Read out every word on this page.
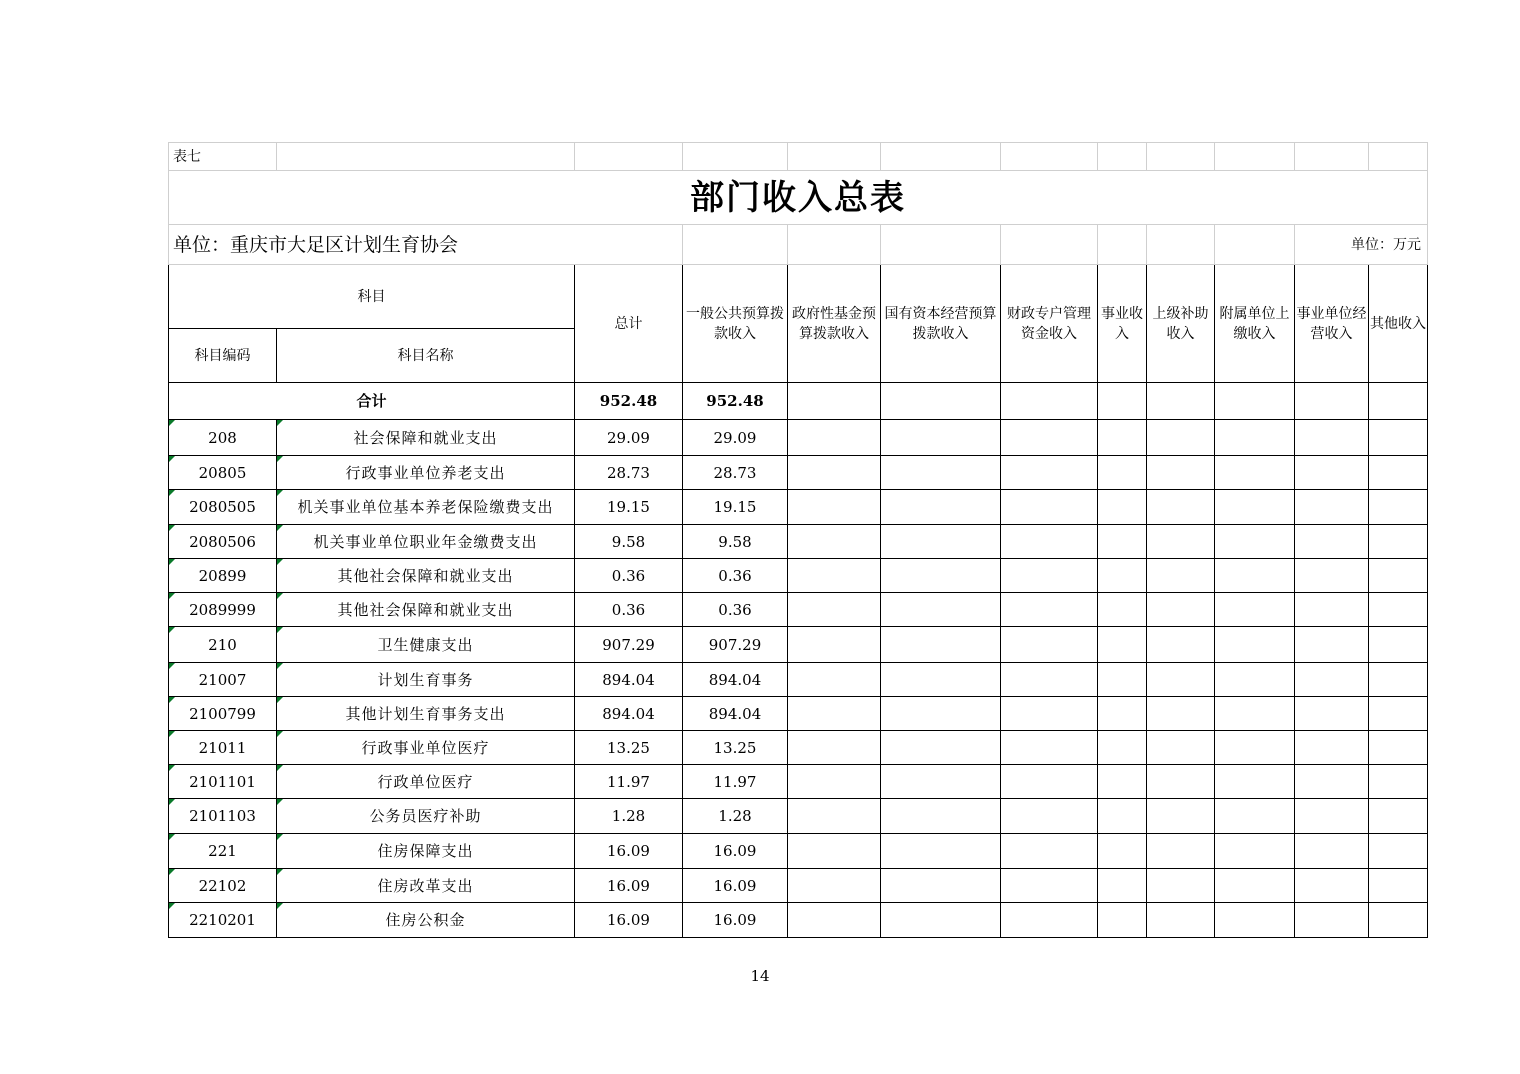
表七											
部门收入总表											
单位：重庆市大足区计划生育协会										单位：万元	
科目		总计	一般公共预算拨款收入	政府性基金预算拨款收入	国有资本经营预算拨款收入	财政专户管理资金收入	事业收入	上级补助收入	附属单位上缴收入	事业单位经营收入	其他收入
科目编码	科目名称										
合计		952.48	952.48								
208	社会保障和就业支出	29.09	29.09								
20805	行政事业单位养老支出	28.73	28.73								
2080505	机关事业单位基本养老保险缴费支出	19.15	19.15								
2080506	机关事业单位职业年金缴费支出	9.58	9.58								
20899	其他社会保障和就业支出	0.36	0.36								
2089999	其他社会保障和就业支出	0.36	0.36								
210	卫生健康支出	907.29	907.29								
21007	计划生育事务	894.04	894.04								
2100799	其他计划生育事务支出	894.04	894.04								
21011	行政事业单位医疗	13.25	13.25								
2101101	行政单位医疗	11.97	11.97								
2101103	公务员医疗补助	1.28	1.28								
221	住房保障支出	16.09	16.09								
22102	住房改革支出	16.09	16.09								
2210201	住房公积金	16.09	16.09								
14
